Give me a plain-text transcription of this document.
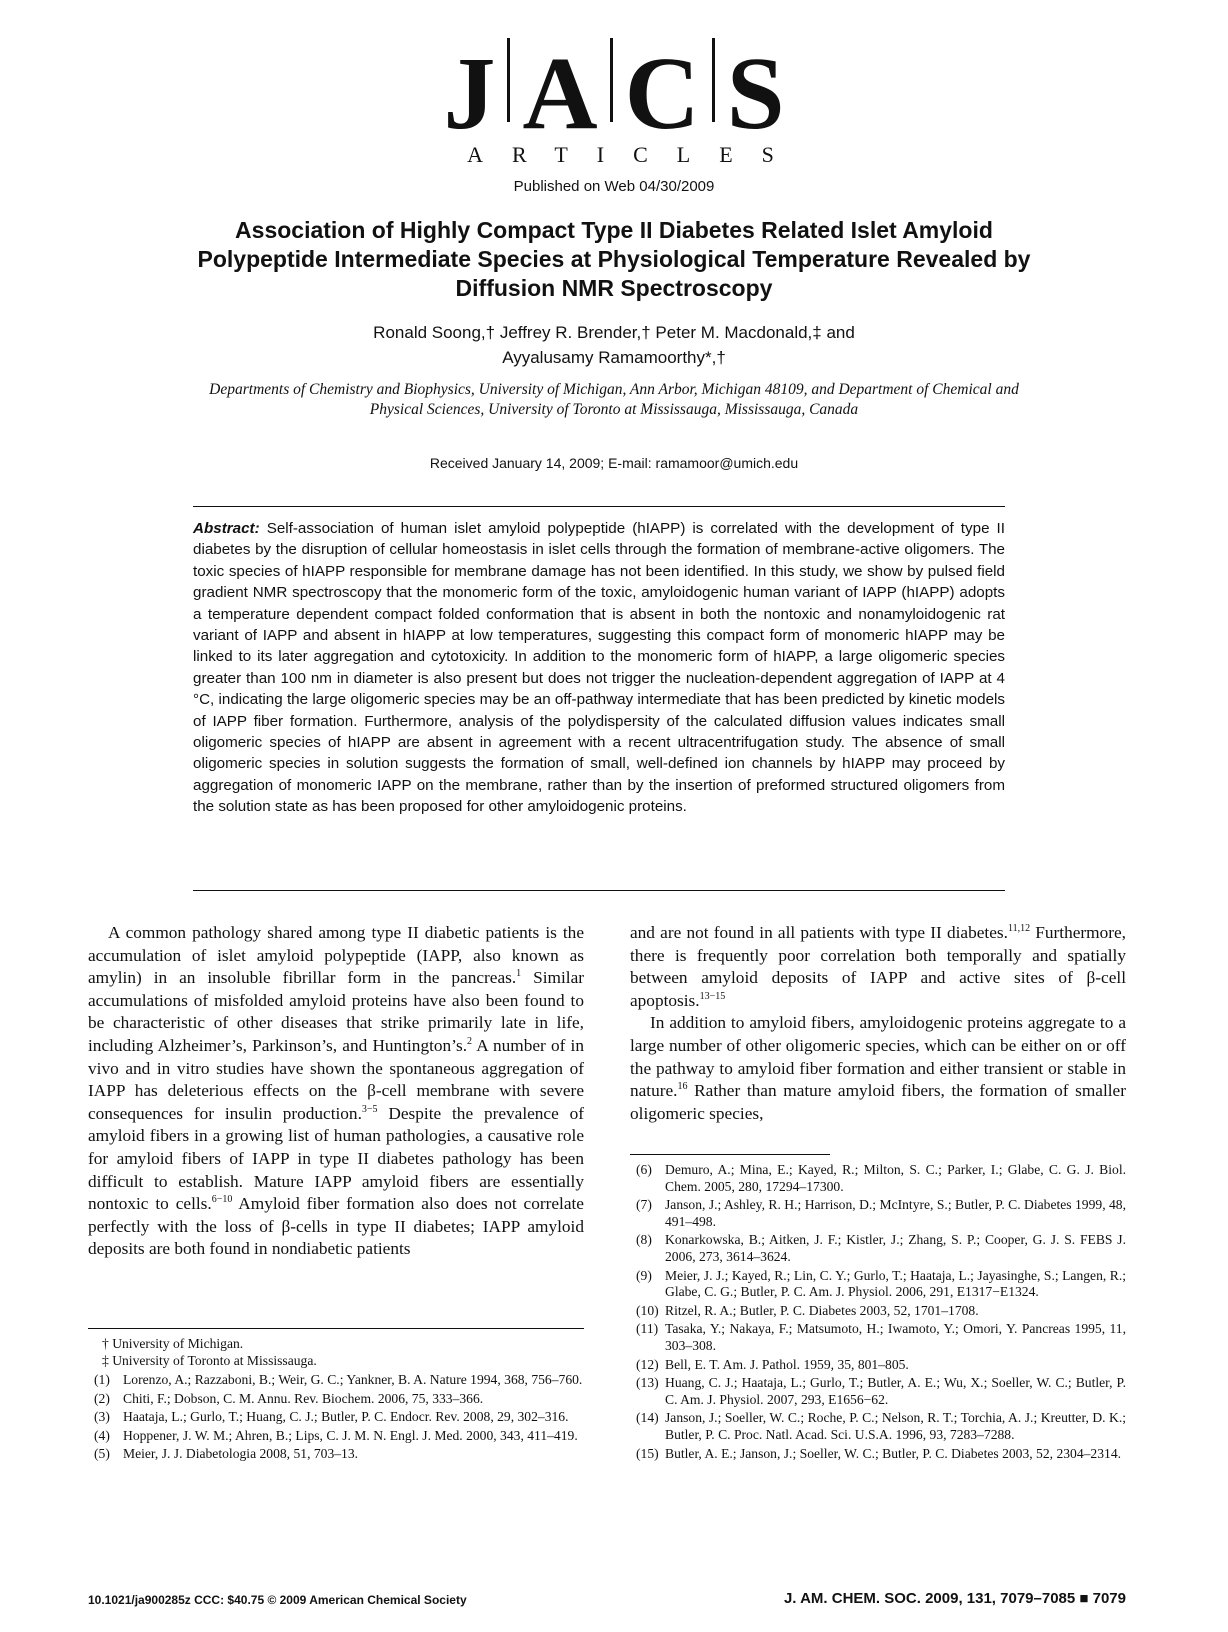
J A C S
ARTICLES
Published on Web 04/30/2009
Association of Highly Compact Type II Diabetes Related Islet Amyloid Polypeptide Intermediate Species at Physiological Temperature Revealed by Diffusion NMR Spectroscopy
Ronald Soong,† Jeffrey R. Brender,† Peter M. Macdonald,‡ and
Ayyalusamy Ramamoorthy*,†
Departments of Chemistry and Biophysics, University of Michigan, Ann Arbor, Michigan 48109, and Department of Chemical and Physical Sciences, University of Toronto at Mississauga, Mississauga, Canada
Received January 14, 2009; E-mail: ramamoor@umich.edu
Abstract: Self-association of human islet amyloid polypeptide (hIAPP) is correlated with the development of type II diabetes by the disruption of cellular homeostasis in islet cells through the formation of membrane-active oligomers. The toxic species of hIAPP responsible for membrane damage has not been identified. In this study, we show by pulsed field gradient NMR spectroscopy that the monomeric form of the toxic, amyloidogenic human variant of IAPP (hIAPP) adopts a temperature dependent compact folded conformation that is absent in both the nontoxic and nonamyloidogenic rat variant of IAPP and absent in hIAPP at low temperatures, suggesting this compact form of monomeric hIAPP may be linked to its later aggregation and cytotoxicity. In addition to the monomeric form of hIAPP, a large oligomeric species greater than 100 nm in diameter is also present but does not trigger the nucleation-dependent aggregation of IAPP at 4 °C, indicating the large oligomeric species may be an off-pathway intermediate that has been predicted by kinetic models of IAPP fiber formation. Furthermore, analysis of the polydispersity of the calculated diffusion values indicates small oligomeric species of hIAPP are absent in agreement with a recent ultracentrifugation study. The absence of small oligomeric species in solution suggests the formation of small, well-defined ion channels by hIAPP may proceed by aggregation of monomeric IAPP on the membrane, rather than by the insertion of preformed structured oligomers from the solution state as has been proposed for other amyloidogenic proteins.

A common pathology shared among type II diabetic patients is the accumulation of islet amyloid polypeptide (IAPP, also known as amylin) in an insoluble fibrillar form in the pancreas.$^1$ Similar accumulations of misfolded amyloid proteins have also been found to be characteristic of other diseases that strike primarily late in life, including Alzheimer’s, Parkinson’s, and Huntington’s.$^2$ A number of in vivo and in vitro studies have shown the spontaneous aggregation of IAPP has deleterious effects on the β-cell membrane with severe consequences for insulin production.$^{3-5}$ Despite the prevalence of amyloid fibers in a growing list of human pathologies, a causative role for amyloid fibers of IAPP in type II diabetes pathology has been difficult to establish. Mature IAPP amyloid fibers are essentially nontoxic to cells.$^{6-10}$ Amyloid fiber formation also does not correlate perfectly with the loss of β-cells in type II diabetes; IAPP amyloid deposits are both found in nondiabetic patients

and are not found in all patients with type II diabetes.$^{11,12}$ Furthermore, there is frequently poor correlation both temporally and spatially between amyloid deposits of IAPP and active sites of β-cell apoptosis.$^{13-15}$

In addition to amyloid fibers, amyloidogenic proteins aggregate to a large number of other oligomeric species, which can be either on or off the pathway to amyloid fiber formation and either transient or stable in nature.$^{16}$ Rather than mature amyloid fibers, the formation of smaller oligomeric species,

(6) Demuro, A.; Mina, E.; Kayed, R.; Milton, S. C.; Parker, I.; Glabe, C. G. J. Biol. Chem. 2005, 280, 17294–17300.
(7) Janson, J.; Ashley, R. H.; Harrison, D.; McIntyre, S.; Butler, P. C. Diabetes 1999, 48, 491–498.
(8) Konarkowska, B.; Aitken, J. F.; Kistler, J.; Zhang, S. P.; Cooper, G. J. S. FEBS J. 2006, 273, 3614–3624.
(9) Meier, J. J.; Kayed, R.; Lin, C. Y.; Gurlo, T.; Haataja, L.; Jayasinghe, S.; Langen, R.; Glabe, C. G.; Butler, P. C. Am. J. Physiol. 2006, 291, E1317−E1324.
(10) Ritzel, R. A.; Butler, P. C. Diabetes 2003, 52, 1701–1708.
(11) Tasaka, Y.; Nakaya, F.; Matsumoto, H.; Iwamoto, Y.; Omori, Y. Pancreas 1995, 11, 303–308.
(12) Bell, E. T. Am. J. Pathol. 1959, 35, 801–805.
(13) Huang, C. J.; Haataja, L.; Gurlo, T.; Butler, A. E.; Wu, X.; Soeller, W. C.; Butler, P. C. Am. J. Physiol. 2007, 293, E1656−62.
(14) Janson, J.; Soeller, W. C.; Roche, P. C.; Nelson, R. T.; Torchia, A. J.; Kreutter, D. K.; Butler, P. C. Proc. Natl. Acad. Sci. U.S.A. 1996, 93, 7283–7288.
(15) Butler, A. E.; Janson, J.; Soeller, W. C.; Butler, P. C. Diabetes 2003, 52, 2304–2314.
† University of Michigan.
‡ University of Toronto at Mississauga.
(1) Lorenzo, A.; Razzaboni, B.; Weir, G. C.; Yankner, B. A. Nature 1994, 368, 756–760.
(2) Chiti, F.; Dobson, C. M. Annu. Rev. Biochem. 2006, 75, 333–366.
(3) Haataja, L.; Gurlo, T.; Huang, C. J.; Butler, P. C. Endocr. Rev. 2008, 29, 302–316.
(4) Hoppener, J. W. M.; Ahren, B.; Lips, C. J. M. N. Engl. J. Med. 2000, 343, 411–419.
(5) Meier, J. J. Diabetologia 2008, 51, 703–13.
10.1021/ja900285z CCC: $40.75 © 2009 American Chemical Society	J. AM. CHEM. SOC. 2009, 131, 7079–7085 ■ 7079
